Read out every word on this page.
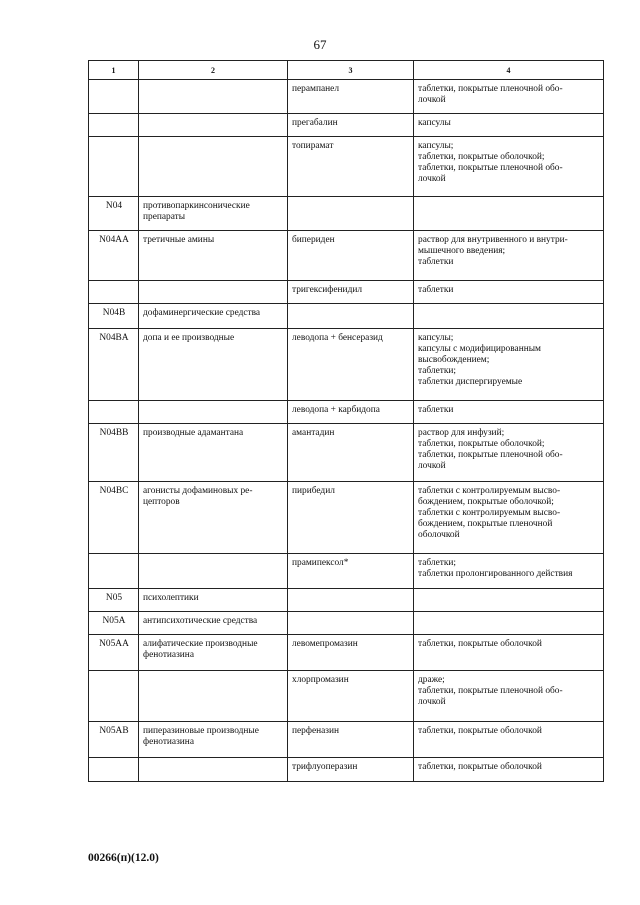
67
1	2	3	4
		перампанел	таблетки, покрытые пленочной обо-
лочкой

		прегабалин	капсулы

		топирамат	капсулы;
таблетки, покрытые оболочкой;
таблетки, покрытые пленочной обо-
лочкой

N04	противопаркинсонические
препараты		

N04AA	третичные амины	бипериден	раствор для внутривенного и внутри-
мышечного введения;
таблетки

		тригексифенидил	таблетки

N04B	дофаминергические средства		

N04BA	допа и ее производные	леводопа + бенсеразид	капсулы;
капсулы с модифицированным
высвобождением;
таблетки;
таблетки диспергируемые

		леводопа + карбидопа	таблетки

N04BB	производные адамантана	амантадин	раствор для инфузий;
таблетки, покрытые оболочкой;
таблетки, покрытые пленочной обо-
лочкой

N04BC	агонисты дофаминовых ре-
цепторов	пирибедил	таблетки с контролируемым высво-
бождением, покрытые оболочкой;
таблетки с контролируемым высво-
бождением, покрытые пленочной
оболочкой

		прамипексол*	таблетки;
таблетки пролонгированного действия

N05	психолептики		

N05A	антипсихотические средства		

N05AA	алифатические производные
фенотиазина	левомепромазин	таблетки, покрытые оболочкой

		хлорпромазин	драже;
таблетки, покрытые пленочной обо-
лочкой

N05AB	пиперазиновые производные
фенотиазина	перфеназин	таблетки, покрытые оболочкой

		трифлуоперазин	таблетки, покрытые оболочкой
00266(п)(12.0)
